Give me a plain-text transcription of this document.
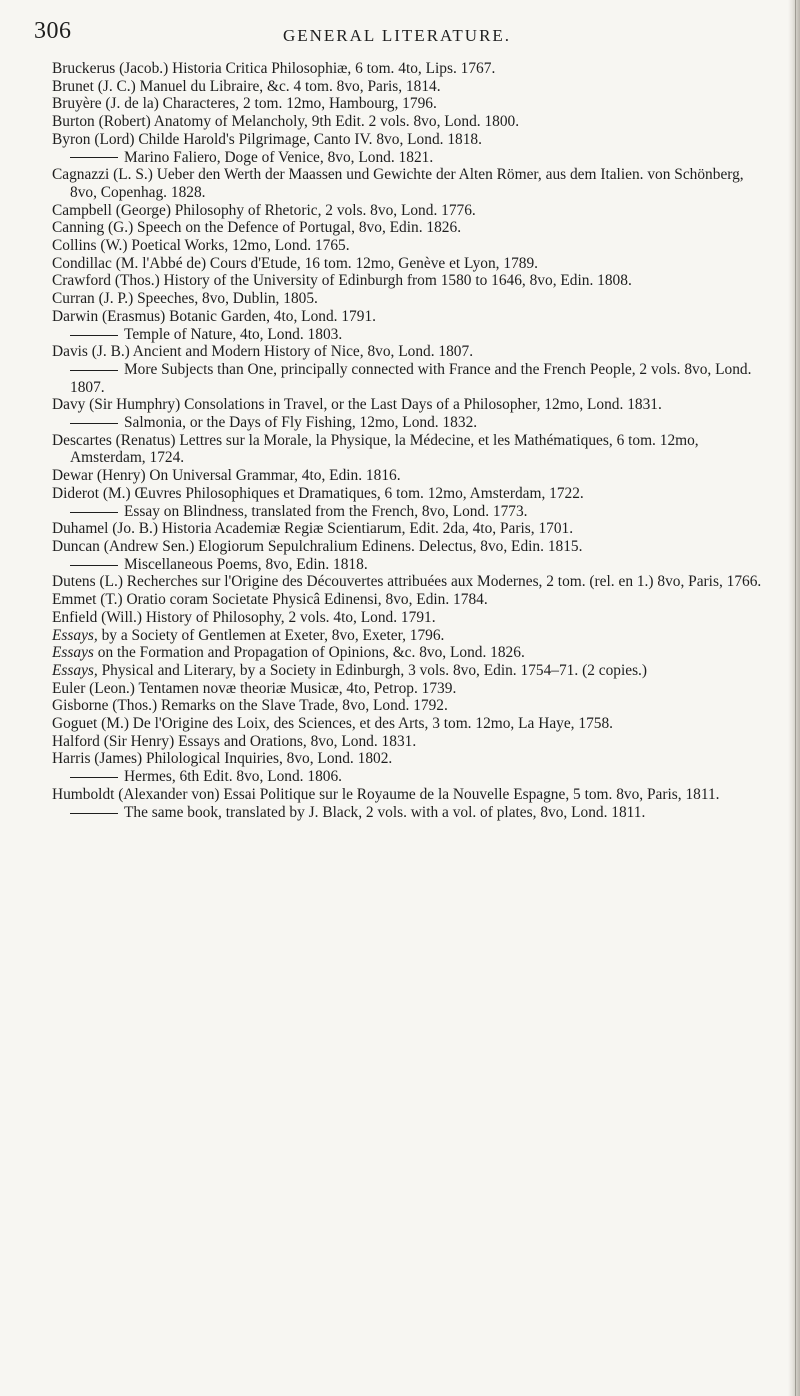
306	GENERAL LITERATURE.
Bruckerus (Jacob.) Historia Critica Philosophiæ, 6 tom. 4to, Lips. 1767.
Brunet (J. C.) Manuel du Libraire, &c. 4 tom. 8vo, Paris, 1814.
Bruyère (J. de la) Characteres, 2 tom. 12mo, Hambourg, 1796.
Burton (Robert) Anatomy of Melancholy, 9th Edit. 2 vols. 8vo, Lond. 1800.
Byron (Lord) Childe Harold's Pilgrimage, Canto IV. 8vo, Lond. 1818.
Marino Faliero, Doge of Venice, 8vo, Lond. 1821.
Cagnazzi (L. S.) Ueber den Werth der Maassen und Gewichte der Alten Römer, aus dem Italien. von Schönberg, 8vo, Copenhag. 1828.
Campbell (George) Philosophy of Rhetoric, 2 vols. 8vo, Lond. 1776.
Canning (G.) Speech on the Defence of Portugal, 8vo, Edin. 1826.
Collins (W.) Poetical Works, 12mo, Lond. 1765.
Condillac (M. l'Abbé de) Cours d'Etude, 16 tom. 12mo, Genève et Lyon, 1789.
Crawford (Thos.) History of the University of Edinburgh from 1580 to 1646, 8vo, Edin. 1808.
Curran (J. P.) Speeches, 8vo, Dublin, 1805.
Darwin (Erasmus) Botanic Garden, 4to, Lond. 1791.
Temple of Nature, 4to, Lond. 1803.
Davis (J. B.) Ancient and Modern History of Nice, 8vo, Lond. 1807.
More Subjects than One, principally connected with France and the French People, 2 vols. 8vo, Lond. 1807.
Davy (Sir Humphry) Consolations in Travel, or the Last Days of a Philosopher, 12mo, Lond. 1831.
Salmonia, or the Days of Fly Fishing, 12mo, Lond. 1832.
Descartes (Renatus) Lettres sur la Morale, la Physique, la Médecine, et les Mathématiques, 6 tom. 12mo, Amsterdam, 1724.
Dewar (Henry) On Universal Grammar, 4to, Edin. 1816.
Diderot (M.) Œuvres Philosophiques et Dramatiques, 6 tom. 12mo, Amsterdam, 1722.
Essay on Blindness, translated from the French, 8vo, Lond. 1773.
Duhamel (Jo. B.) Historia Academiæ Regiæ Scientiarum, Edit. 2da, 4to, Paris, 1701.
Duncan (Andrew Sen.) Elogiorum Sepulchralium Edinens. Delectus, 8vo, Edin. 1815.
Miscellaneous Poems, 8vo, Edin. 1818.
Dutens (L.) Recherches sur l'Origine des Découvertes attribuées aux Modernes, 2 tom. (rel. en 1.) 8vo, Paris, 1766.
Emmet (T.) Oratio coram Societate Physicâ Edinensi, 8vo, Edin. 1784.
Enfield (Will.) History of Philosophy, 2 vols. 4to, Lond. 1791.
Essays, by a Society of Gentlemen at Exeter, 8vo, Exeter, 1796.
Essays on the Formation and Propagation of Opinions, &c. 8vo, Lond. 1826.
Essays, Physical and Literary, by a Society in Edinburgh, 3 vols. 8vo, Edin. 1754–71. (2 copies.)
Euler (Leon.) Tentamen novæ theoriæ Musicæ, 4to, Petrop. 1739.
Gisborne (Thos.) Remarks on the Slave Trade, 8vo, Lond. 1792.
Goguet (M.) De l'Origine des Loix, des Sciences, et des Arts, 3 tom. 12mo, La Haye, 1758.
Halford (Sir Henry) Essays and Orations, 8vo, Lond. 1831.
Harris (James) Philological Inquiries, 8vo, Lond. 1802.
Hermes, 6th Edit. 8vo, Lond. 1806.
Humboldt (Alexander von) Essai Politique sur le Royaume de la Nouvelle Espagne, 5 tom. 8vo, Paris, 1811.
The same book, translated by J. Black, 2 vols. with a vol. of plates, 8vo, Lond. 1811.
